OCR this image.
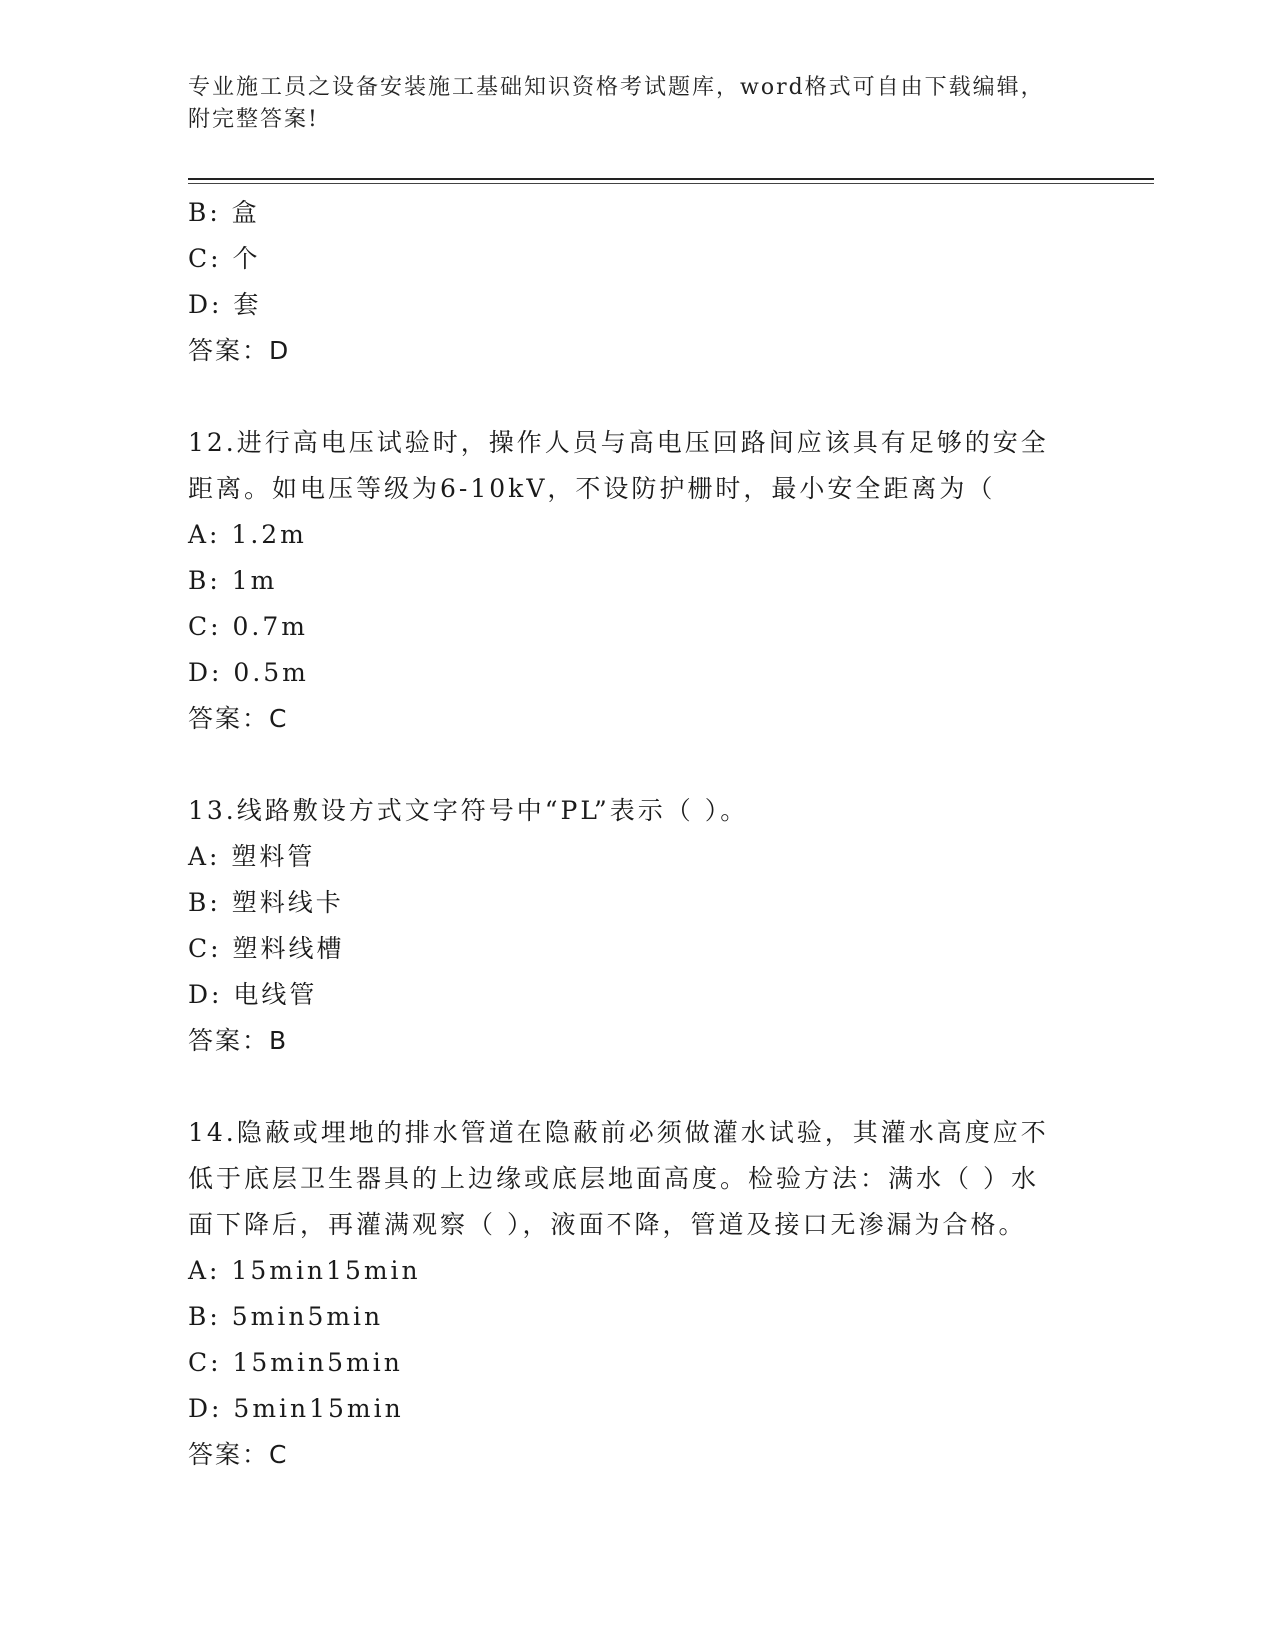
专业施工员之设备安装施工基础知识资格考试题库，word格式可自由下载编辑，
附完整答案!
B: 盒
C: 个
D: 套
答案：D
12.进行高电压试验时，操作人员与高电压回路间应该具有足够的安全
距离。如电压等级为6-10kV，不设防护栅时，最小安全距离为（
A: 1.2m
B: 1m
C: 0.7m
D: 0.5m
答案：C
13.线路敷设方式文字符号中“PL”表示（ ）。
A: 塑料管
B: 塑料线卡
C: 塑料线槽
D: 电线管
答案：B
14.隐蔽或埋地的排水管道在隐蔽前必须做灌水试验，其灌水高度应不
低于底层卫生器具的上边缘或底层地面高度。检验方法：满水（ ）水
面下降后，再灌满观察（ ），液面不降，管道及接口无渗漏为合格。
A: 15min15min
B: 5min5min
C: 15min5min
D: 5min15min
答案：C
